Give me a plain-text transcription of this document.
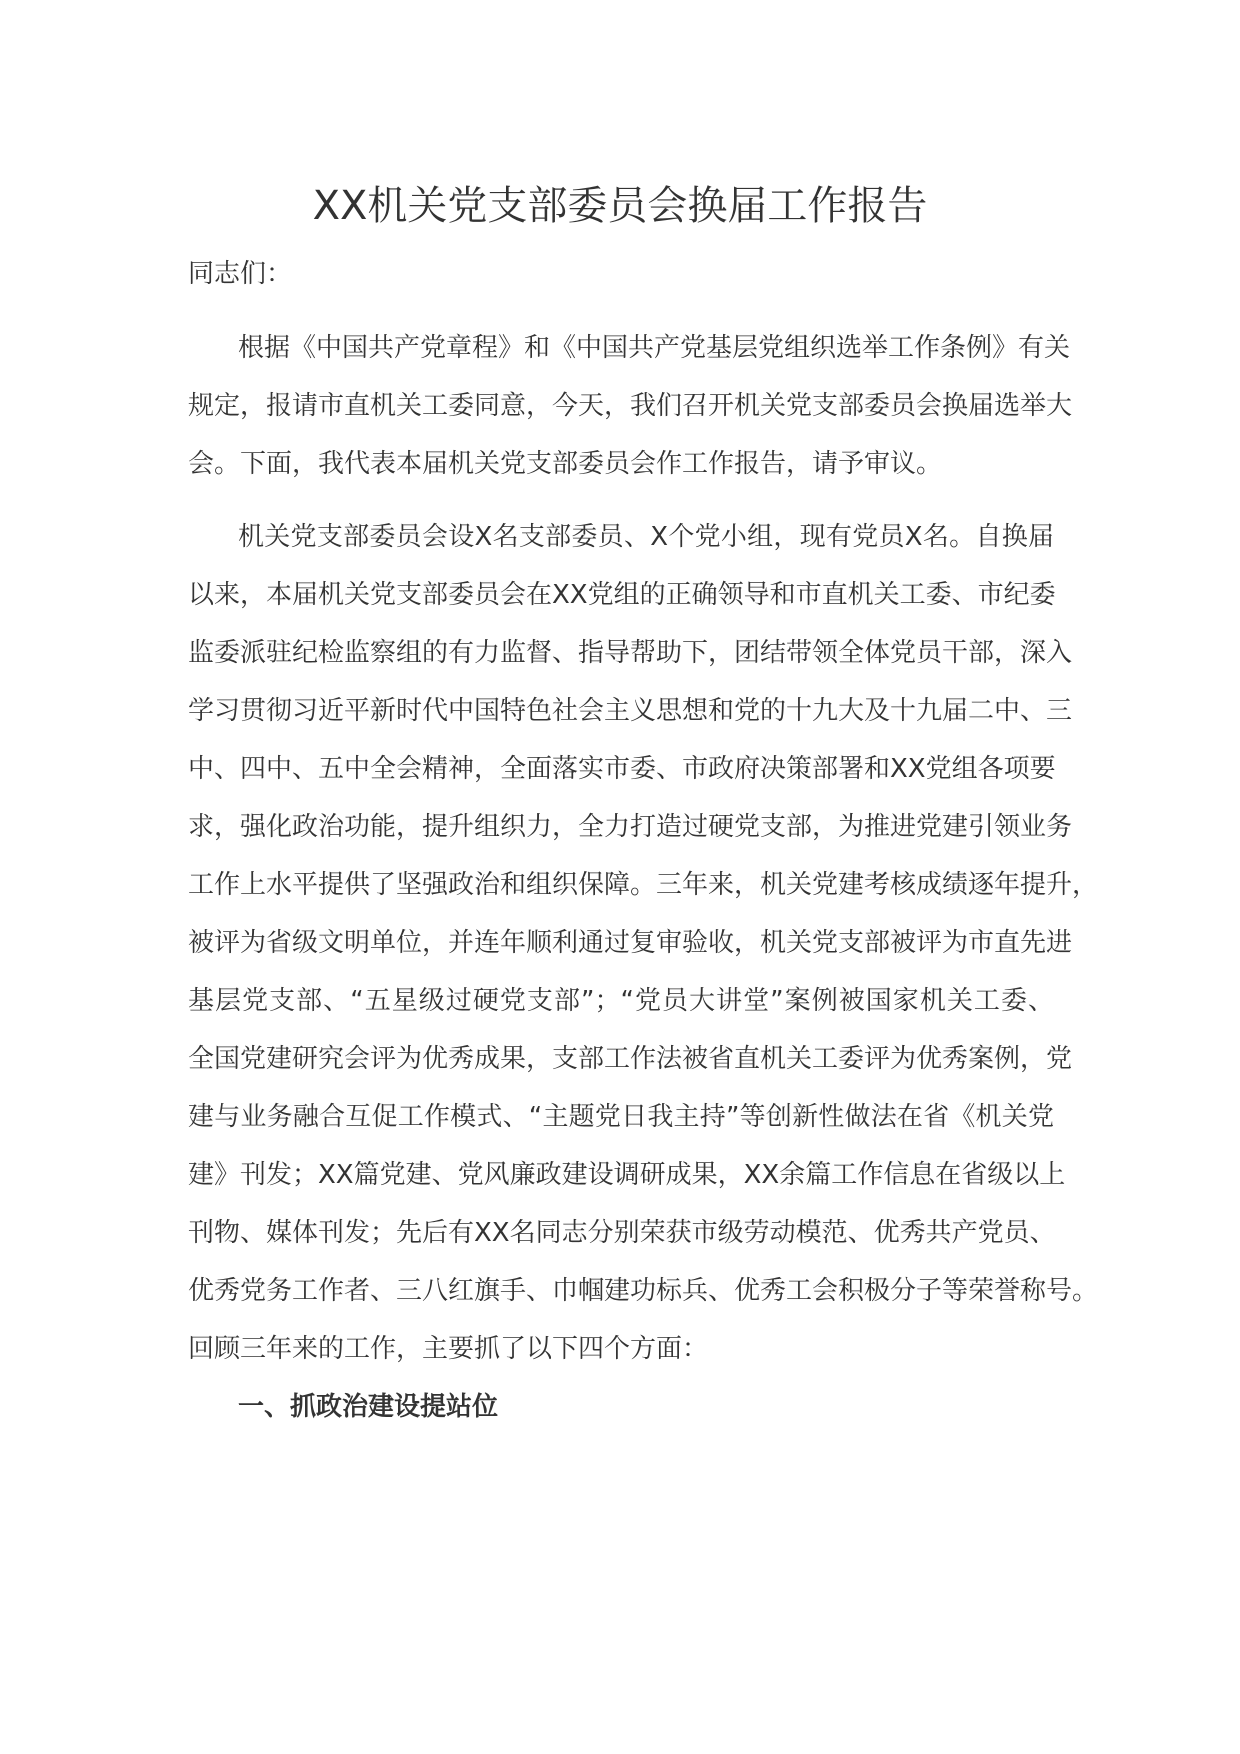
XX机关党支部委员会换届工作报告
同志们：
根据《中国共产党章程》和《中国共产党基层党组织选举工作条例》有关
规定，报请市直机关工委同意，今天，我们召开机关党支部委员会换届选举大
会。下面，我代表本届机关党支部委员会作工作报告，请予审议。
机关党支部委员会设X名支部委员、X个党小组，现有党员X名。自换届
以来，本届机关党支部委员会在XX党组的正确领导和市直机关工委、市纪委
监委派驻纪检监察组的有力监督、指导帮助下，团结带领全体党员干部，深入
学习贯彻习近平新时代中国特色社会主义思想和党的十九大及十九届二中、三
中、四中、五中全会精神，全面落实市委、市政府决策部署和XX党组各项要
求，强化政治功能，提升组织力，全力打造过硬党支部，为推进党建引领业务
工作上水平提供了坚强政治和组织保障。三年来，机关党建考核成绩逐年提升，
被评为省级文明单位，并连年顺利通过复审验收，机关党支部被评为市直先进
基层党支部、“五星级过硬党支部”；“党员大讲堂”案例被国家机关工委、
全国党建研究会评为优秀成果，支部工作法被省直机关工委评为优秀案例，党
建与业务融合互促工作模式、“主题党日我主持”等创新性做法在省《机关党
建》刊发；XX篇党建、党风廉政建设调研成果，XX余篇工作信息在省级以上
刊物、媒体刊发；先后有XX名同志分别荣获市级劳动模范、优秀共产党员、
优秀党务工作者、三八红旗手、巾帼建功标兵、优秀工会积极分子等荣誉称号。
回顾三年来的工作，主要抓了以下四个方面：
一、抓政治建设提站位
